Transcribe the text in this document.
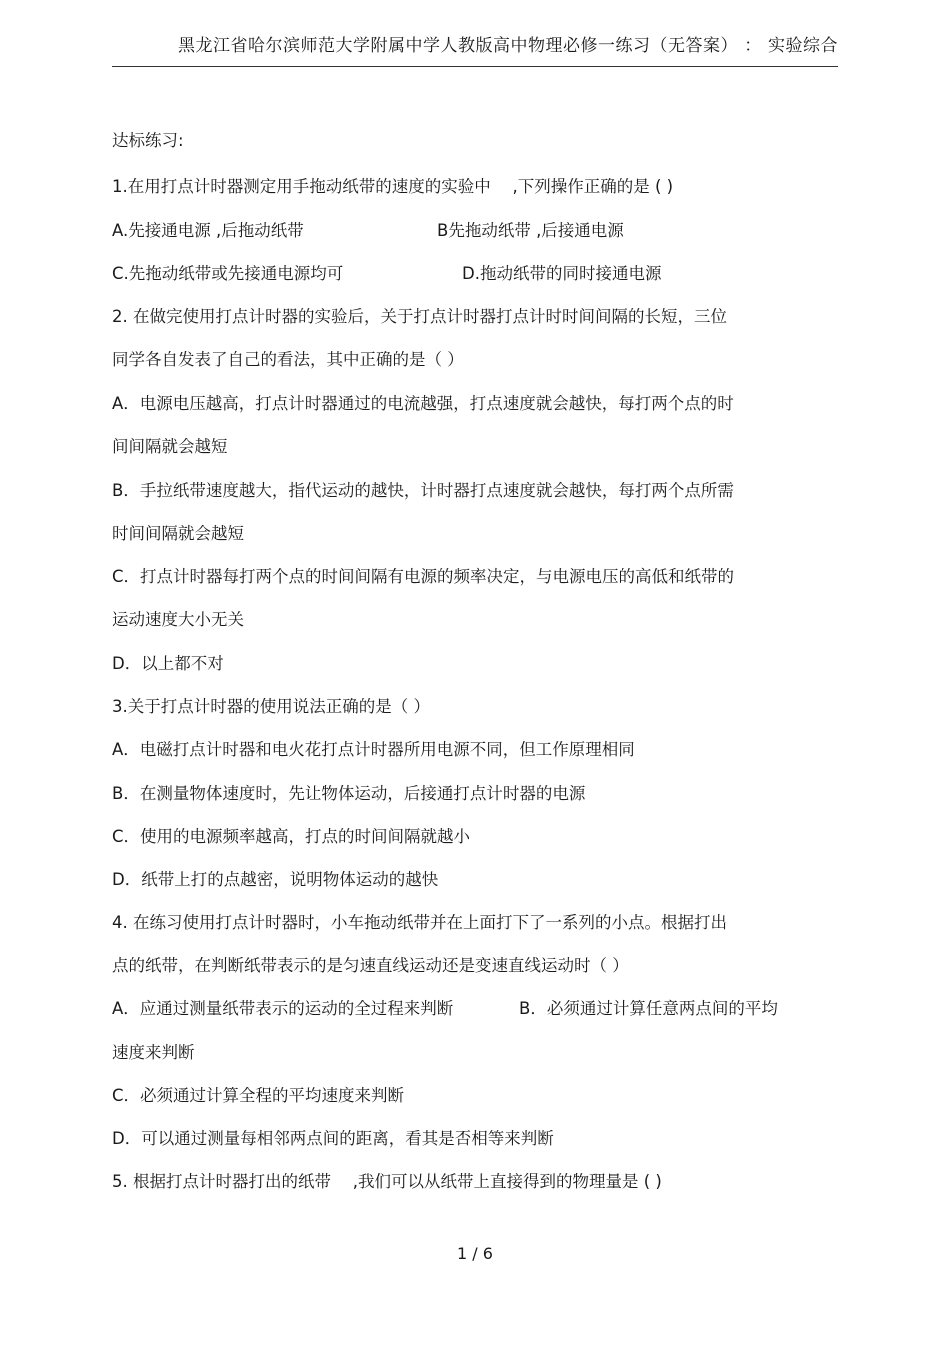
黑龙江省哈尔滨师范大学附属中学人教版高中物理必修一练习（无答案） ： 实验综合
达标练习:
1.在用打点计时器测定用手拖动纸带的速度的实验中　 ,下列操作正确的是 ( )
A.先接通电源 ,后拖动纸带	B先拖动纸带 ,后接通电源
C.先拖动纸带或先接通电源均可	D.拖动纸带的同时接通电源
2. 在做完使用打点计时器的实验后，关于打点计时器打点计时时间间隔的长短，三位
同学各自发表了自己的看法，其中正确的是（ ）
A．电源电压越高，打点计时器通过的电流越强，打点速度就会越快，每打两个点的时
间间隔就会越短
B．手拉纸带速度越大，指代运动的越快，计时器打点速度就会越快，每打两个点所需
时间间隔就会越短
C．打点计时器每打两个点的时间间隔有电源的频率决定，与电源电压的高低和纸带的
运动速度大小无关
D．以上都不对
3.关于打点计时器的使用说法正确的是（ ）
A．电磁打点计时器和电火花打点计时器所用电源不同，但工作原理相同
B．在测量物体速度时，先让物体运动，后接通打点计时器的电源
C．使用的电源频率越高，打点的时间间隔就越小
D．纸带上打的点越密，说明物体运动的越快
4. 在练习使用打点计时器时，小车拖动纸带并在上面打下了一系列的小点。根据打出
点的纸带，在判断纸带表示的是匀速直线运动还是变速直线运动时（ ）
A．应通过测量纸带表示的运动的全过程来判断	B．必须通过计算任意两点间的平均
速度来判断
C．必须通过计算全程的平均速度来判断
D．可以通过测量每相邻两点间的距离，看其是否相等来判断
5. 根据打点计时器打出的纸带　 ,我们可以从纸带上直接得到的物理量是 ( )
1 / 6
